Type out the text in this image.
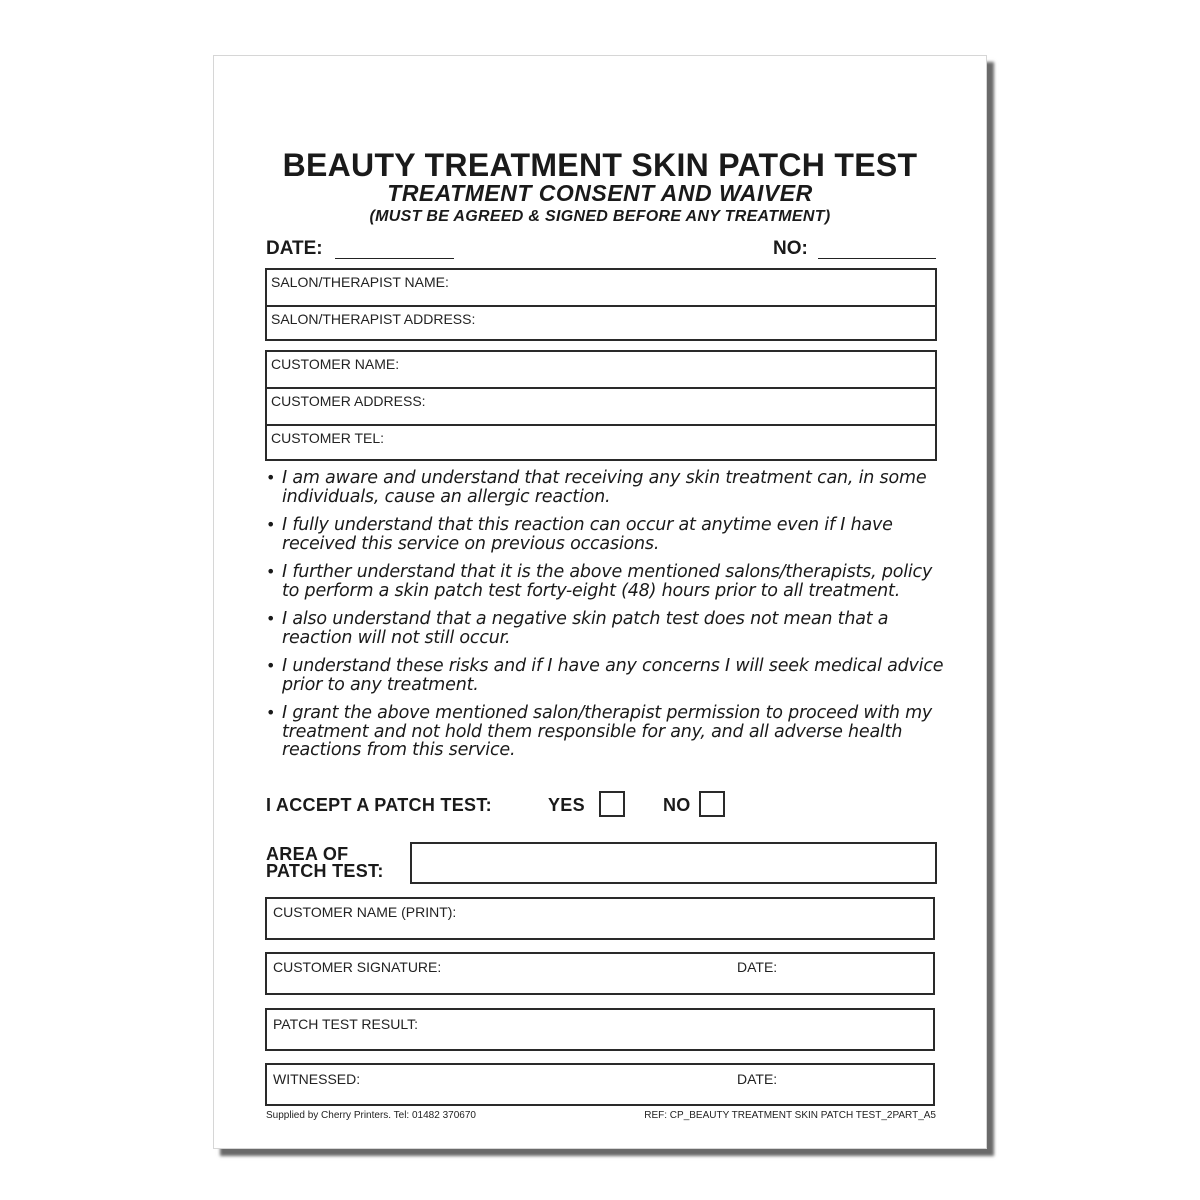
BEAUTY TREATMENT SKIN PATCH TEST
TREATMENT CONSENT AND WAIVER
(MUST BE AGREED & SIGNED BEFORE ANY TREATMENT)
DATE:	NO:
SALON/THERAPIST NAME:
SALON/THERAPIST ADDRESS:
CUSTOMER NAME:
CUSTOMER ADDRESS:
CUSTOMER TEL:
• I am aware and understand that receiving any skin treatment can, in some individuals, cause an allergic reaction.
• I fully understand that this reaction can occur at anytime even if I have received this service on previous occasions.
• I further understand that it is the above mentioned salons/therapists, policy to perform a skin patch test forty-eight (48) hours prior to all treatment.
• I also understand that a negative skin patch test does not mean that a reaction will not still occur.
• I understand these risks and if I have any concerns I will seek medical advice prior to any treatment.
• I grant the above mentioned salon/therapist permission to proceed with my treatment and not hold them responsible for any, and all adverse health reactions from this service.
I ACCEPT A PATCH TEST:	YES	NO
AREA OF
PATCH TEST:
CUSTOMER NAME (PRINT):
CUSTOMER SIGNATURE:	DATE:
PATCH TEST RESULT:
WITNESSED:	DATE:
Supplied by Cherry Printers. Tel: 01482 370670	REF: CP_BEAUTY TREATMENT SKIN PATCH TEST_2PART_A5
